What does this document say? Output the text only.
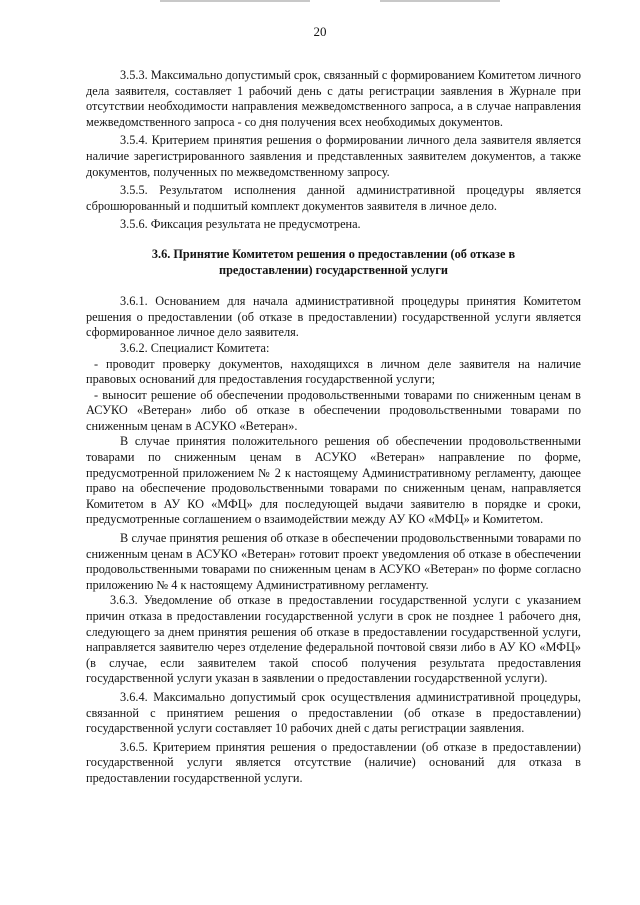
20

3.5.3. Максимально допустимый срок, связанный с формированием Комитетом личного дела заявителя, составляет 1 рабочий день с даты регистрации заявления в Журнале при отсутствии необходимости направления межведомственного запроса, а в случае направления межведомственного запроса - со дня получения всех необходимых документов.

3.5.4. Критерием принятия решения о формировании личного дела заявителя является наличие зарегистрированного заявления и представленных заявителем документов, а также документов, полученных по межведомственному запросу.

3.5.5. Результатом исполнения данной административной процедуры является сброшюрованный и подшитый комплект документов заявителя в личное дело.

3.5.6. Фиксация результата не предусмотрена.

3.6. Принятие Комитетом решения о предоставлении (об отказе в предоставлении) государственной услуги

3.6.1. Основанием для начала административной процедуры принятия Комитетом решения о предоставлении (об отказе в предоставлении) государственной услуги является сформированное личное дело заявителя.

3.6.2. Специалист Комитета:

- проводит проверку документов, находящихся в личном деле заявителя на наличие правовых оснований для предоставления государственной услуги;

- выносит решение об обеспечении продовольственными товарами по сниженным ценам в АСУКО «Ветеран» либо об отказе в обеспечении продовольственными товарами по сниженным ценам в АСУКО «Ветеран».

В случае принятия положительного решения об обеспечении продовольственными товарами по сниженным ценам в АСУКО «Ветеран» направление по форме, предусмотренной приложением № 2 к настоящему Административному регламенту, дающее право на обеспечение продовольственными товарами по сниженным ценам, направляется Комитетом в АУ КО «МФЦ» для последующей выдачи заявителю в порядке и сроки, предусмотренные соглашением о взаимодействии между АУ КО «МФЦ» и Комитетом.

В случае принятия решения об отказе в обеспечении продовольственными товарами по сниженным ценам в АСУКО «Ветеран» готовит проект уведомления об отказе в обеспечении продовольственными товарами по сниженным ценам в АСУКО «Ветеран» по форме согласно приложению № 4 к настоящему Административному регламенту.

3.6.3. Уведомление об отказе в предоставлении государственной услуги с указанием причин отказа в предоставлении государственной услуги в срок не позднее 1 рабочего дня, следующего за днем принятия решения об отказе в предоставлении государственной услуги, направляется заявителю через отделение федеральной почтовой связи либо в АУ КО «МФЦ» (в случае, если заявителем такой способ получения результата предоставления государственной услуги указан в заявлении о предоставлении государственной услуги).

3.6.4. Максимально допустимый срок осуществления административной процедуры, связанной с принятием решения о предоставлении (об отказе в предоставлении) государственной услуги составляет 10 рабочих дней с даты регистрации заявления.

3.6.5. Критерием принятия решения о предоставлении (об отказе в предоставлении) государственной услуги является отсутствие (наличие) оснований для отказа в предоставлении государственной услуги.
